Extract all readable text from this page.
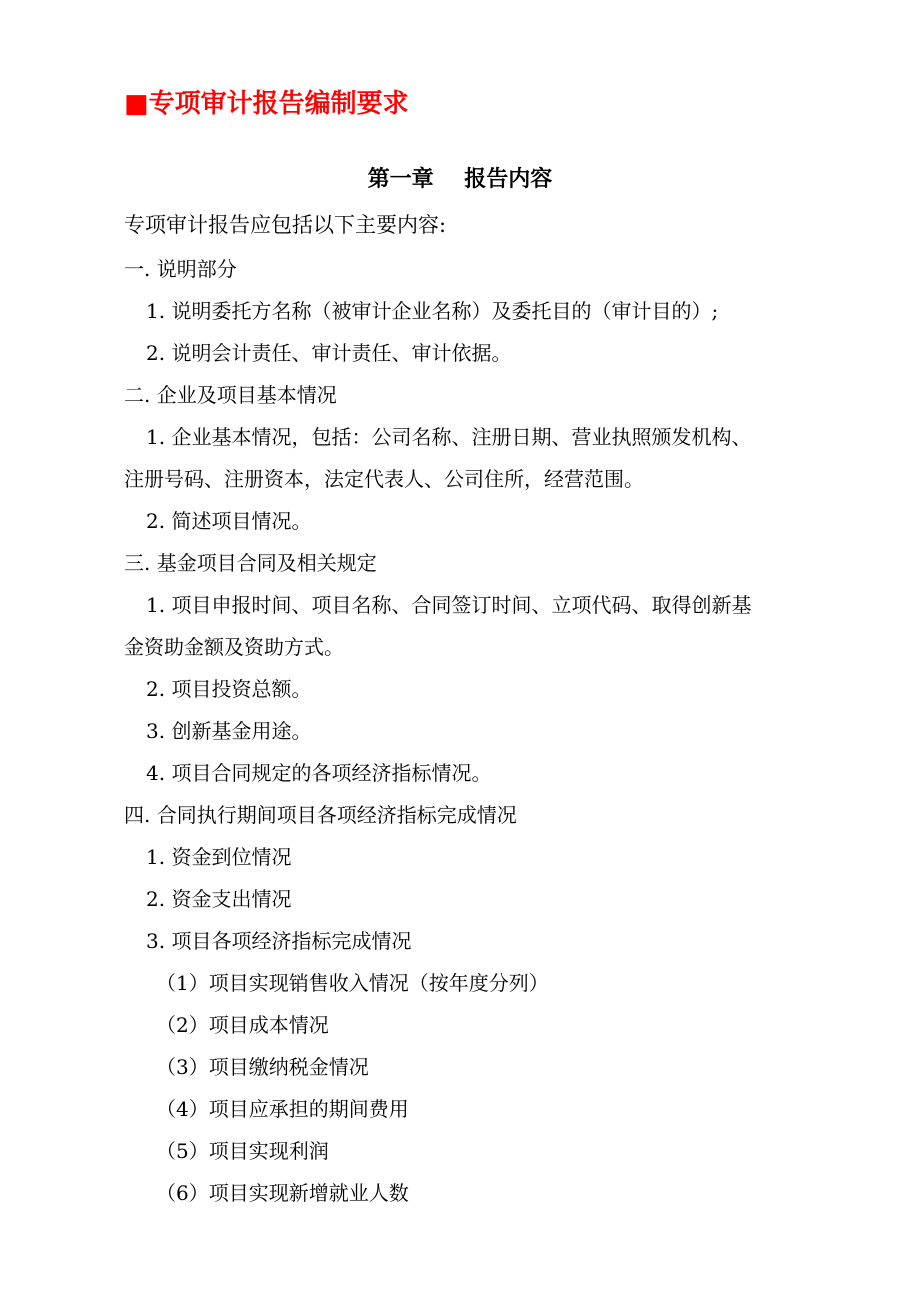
■专项审计报告编制要求
第一章    报告内容
专项审计报告应包括以下主要内容:
一. 说明部分
1. 说明委托方名称（被审计企业名称）及委托目的（审计目的）;
2. 说明会计责任、审计责任、审计依据。
二. 企业及项目基本情况
1. 企业基本情况，包括：公司名称、注册日期、营业执照颁发机构、
注册号码、注册资本，法定代表人、公司住所，经营范围。
2. 简述项目情况。
三. 基金项目合同及相关规定
1. 项目申报时间、项目名称、合同签订时间、立项代码、取得创新基
金资助金额及资助方式。
2. 项目投资总额。
3. 创新基金用途。
4. 项目合同规定的各项经济指标情况。
四. 合同执行期间项目各项经济指标完成情况
1. 资金到位情况
2. 资金支出情况
3. 项目各项经济指标完成情况
（1）项目实现销售收入情况（按年度分列）
（2）项目成本情况
（3）项目缴纳税金情况
（4）项目应承担的期间费用
（5）项目实现利润
（6）项目实现新增就业人数
